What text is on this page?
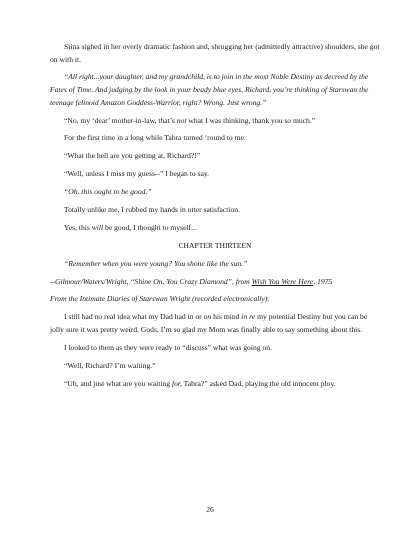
Siina sighed in her overly dramatic fashion and, shrugging her (admittedly attractive) shoulders, she got on with it.

“All right...your daughter, and my grandchild, is to join in the most Noble Destiny as decreed by the Fates of Time. And judging by the look in your beady blue eyes, Richard, you’re thinking of Starswan the teenage felinoid Amazon Goddess-Warrior, right? Wrong. Just wrong.”

“No, my ‘dear’ mother-in-law, that’s not what I was thinking, thank you so much.”

For the first time in a long while Tabra turned ‘round to me.

“What the hell are you getting at, Richard?!”

“Well, unless I miss my guess--” I began to say.

“Oh, this ought to be good.”

Totally unlike me, I rubbed my hands in utter satisfaction.

Yes, this will be good, I thought to myself...

CHAPTER THIRTEEN

“Remember when you were young? You shone like the sun.”

--Gilmour/Waters/Wright, “Shine On, You Crazy Diamond”, from Wish You Were Here, 1975

From the Intimate Diaries of Starswan Wright (recorded electronically):

I still had no real idea what my Dad had in or on his mind in re my potential Destiny but you can be jolly sure it was pretty weird. Gods, I’m so glad my Mom was finally able to say something about this.

I looked to them as they were ready to “discuss” what was going on.

“Well, Richard? I’m waiting.”

“Uh, and just what are you waiting for, Tabra?” asked Dad, playing the old innocent ploy.

26
